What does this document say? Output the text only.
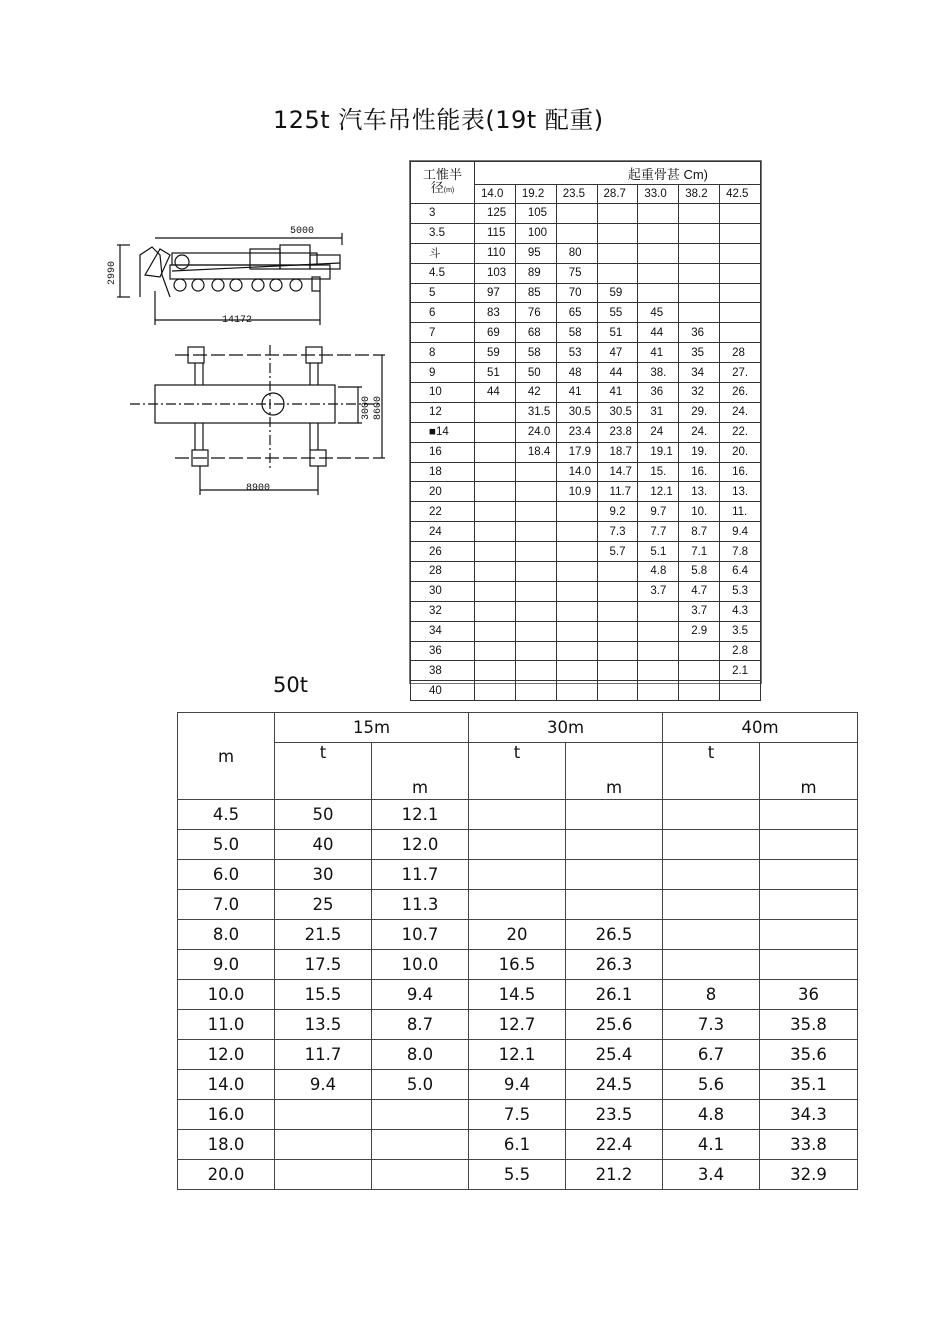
125t 汽车吊性能表(19t 配重)
5000
2990
14172
3000 8600
8900
工惟半
径(m)	起重骨甚 Cm)						
	14.0	19.2	23.5	28.7	33.0	38.2	42.5
3	125	105					
3.5	115	100					
斗	110	95	80				
4.5	103	89	75				
5	97	85	70	59			
6	83	76	65	55	45		
7	69	68	58	51	44	36	
8	59	58	53	47	41	35	28
9	51	50	48	44	38.	34	27.
10	44	42	41	41	36	32	26.
12		31.5	30.5	30.5	31	29.	24.
■14		24.0	23.4	23.8	24	24.	22.
16		18.4	17.9	18.7	19.1	19.	20.
18			14.0	14.7	15.	16.	16.
20			10.9	11.7	12.1	13.	13.
22				9.2	9.7	10.	11.
24				7.3	7.7	8.7	9.4
26				5.7	5.1	7.1	7.8
28					4.8	5.8	6.4
30					3.7	4.7	5.3
32						3.7	4.3
34						2.9	3.5
36							2.8
38							2.1
40							
50t
m	15m		30m		40m	
	t	m	t	m	t	m
4.5	50	12.1				
5.0	40	12.0				
6.0	30	11.7				
7.0	25	11.3				
8.0	21.5	10.7	20	26.5		
9.0	17.5	10.0	16.5	26.3		
10.0	15.5	9.4	14.5	26.1	8	36
11.0	13.5	8.7	12.7	25.6	7.3	35.8
12.0	11.7	8.0	12.1	25.4	6.7	35.6
14.0	9.4	5.0	9.4	24.5	5.6	35.1
16.0			7.5	23.5	4.8	34.3
18.0			6.1	22.4	4.1	33.8
20.0			5.5	21.2	3.4	32.9
